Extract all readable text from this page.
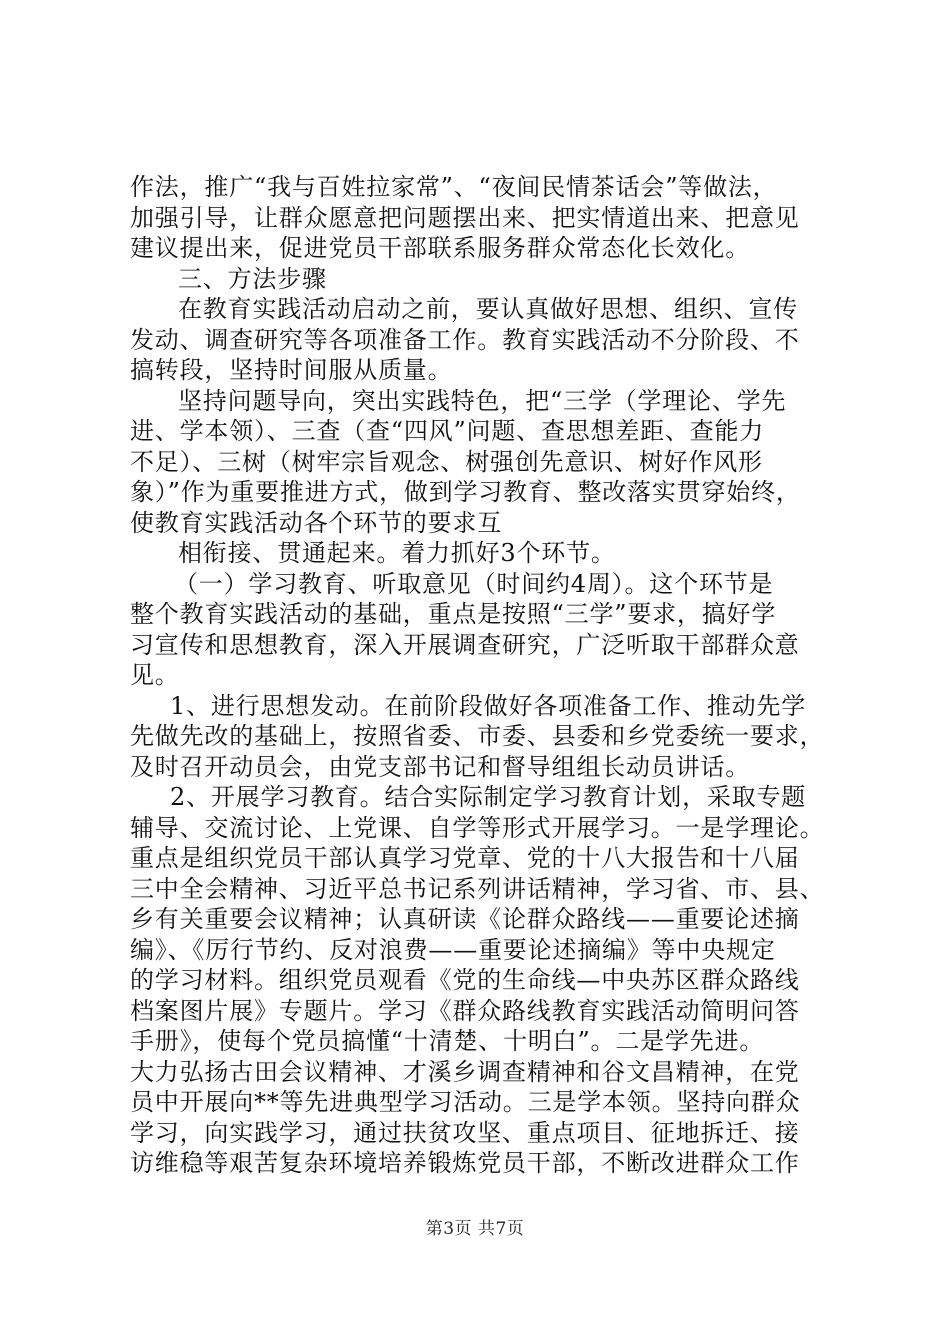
作法，推广“我与百姓拉家常”、“夜间民情茶话会”等做法，
加强引导，让群众愿意把问题摆出来、把实情道出来、把意见
建议提出来，促进党员干部联系服务群众常态化长效化。
三、方法步骤
在教育实践活动启动之前，要认真做好思想、组织、宣传
发动、调查研究等各项准备工作。教育实践活动不分阶段、不
搞转段，坚持时间服从质量。
坚持问题导向，突出实践特色，把“三学（学理论、学先
进、学本领）、三查（查“四风”问题、查思想差距、查能力
不足）、三树（树牢宗旨观念、树强创先意识、树好作风形
象）”作为重要推进方式，做到学习教育、整改落实贯穿始终，
使教育实践活动各个环节的要求互
相衔接、贯通起来。着力抓好3个环节。
（一）学习教育、听取意见（时间约4周）。这个环节是
整个教育实践活动的基础，重点是按照“三学”要求，搞好学
习宣传和思想教育，深入开展调查研究，广泛听取干部群众意
见。
1、进行思想发动。在前阶段做好各项准备工作、推动先学
先做先改的基础上，按照省委、市委、县委和乡党委统一要求，
及时召开动员会，由党支部书记和督导组组长动员讲话。
2、开展学习教育。结合实际制定学习教育计划，采取专题
辅导、交流讨论、上党课、自学等形式开展学习。一是学理论。
重点是组织党员干部认真学习党章、党的十八大报告和十八届
三中全会精神、习近平总书记系列讲话精神，学习省、市、县、
乡有关重要会议精神；认真研读《论群众路线——重要论述摘
编》、《厉行节约、反对浪费——重要论述摘编》等中央规定
的学习材料。组织党员观看《党的生命线—中央苏区群众路线
档案图片展》专题片。学习《群众路线教育实践活动简明问答
手册》，使每个党员搞懂“十清楚、十明白”。二是学先进。
大力弘扬古田会议精神、才溪乡调查精神和谷文昌精神，在党
员中开展向**等先进典型学习活动。三是学本领。坚持向群众
学习，向实践学习，通过扶贫攻坚、重点项目、征地拆迁、接
访维稳等艰苦复杂环境培养锻炼党员干部，不断改进群众工作
第3页 共7页
